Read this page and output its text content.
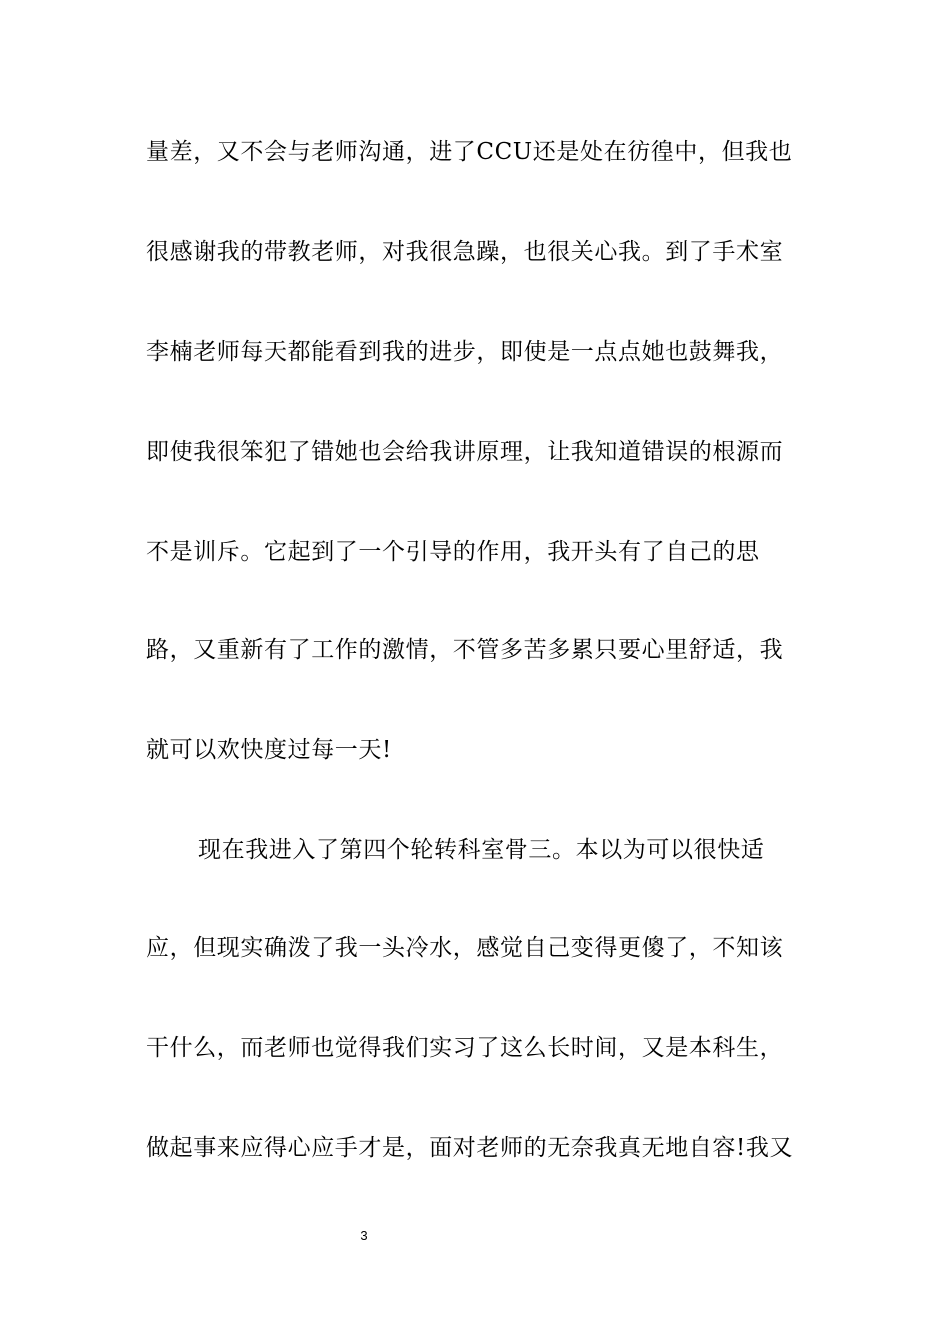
量差，又不会与老师沟通，进了CCU还是处在彷徨中，但我也
很感谢我的带教老师，对我很急躁，也很关心我。到了手术室
李楠老师每天都能看到我的进步，即使是一点点她也鼓舞我，
即使我很笨犯了错她也会给我讲原理，让我知道错误的根源而
不是训斥。它起到了一个引导的作用，我开头有了自己的思
路，又重新有了工作的激情，不管多苦多累只要心里舒适，我
就可以欢快度过每一天!
现在我进入了第四个轮转科室骨三。本以为可以很快适
应，但现实确泼了我一头冷水，感觉自己变得更傻了，不知该
干什么，而老师也觉得我们实习了这么长时间，又是本科生，
做起事来应得心应手才是，面对老师的无奈我真无地自容!我又
3
